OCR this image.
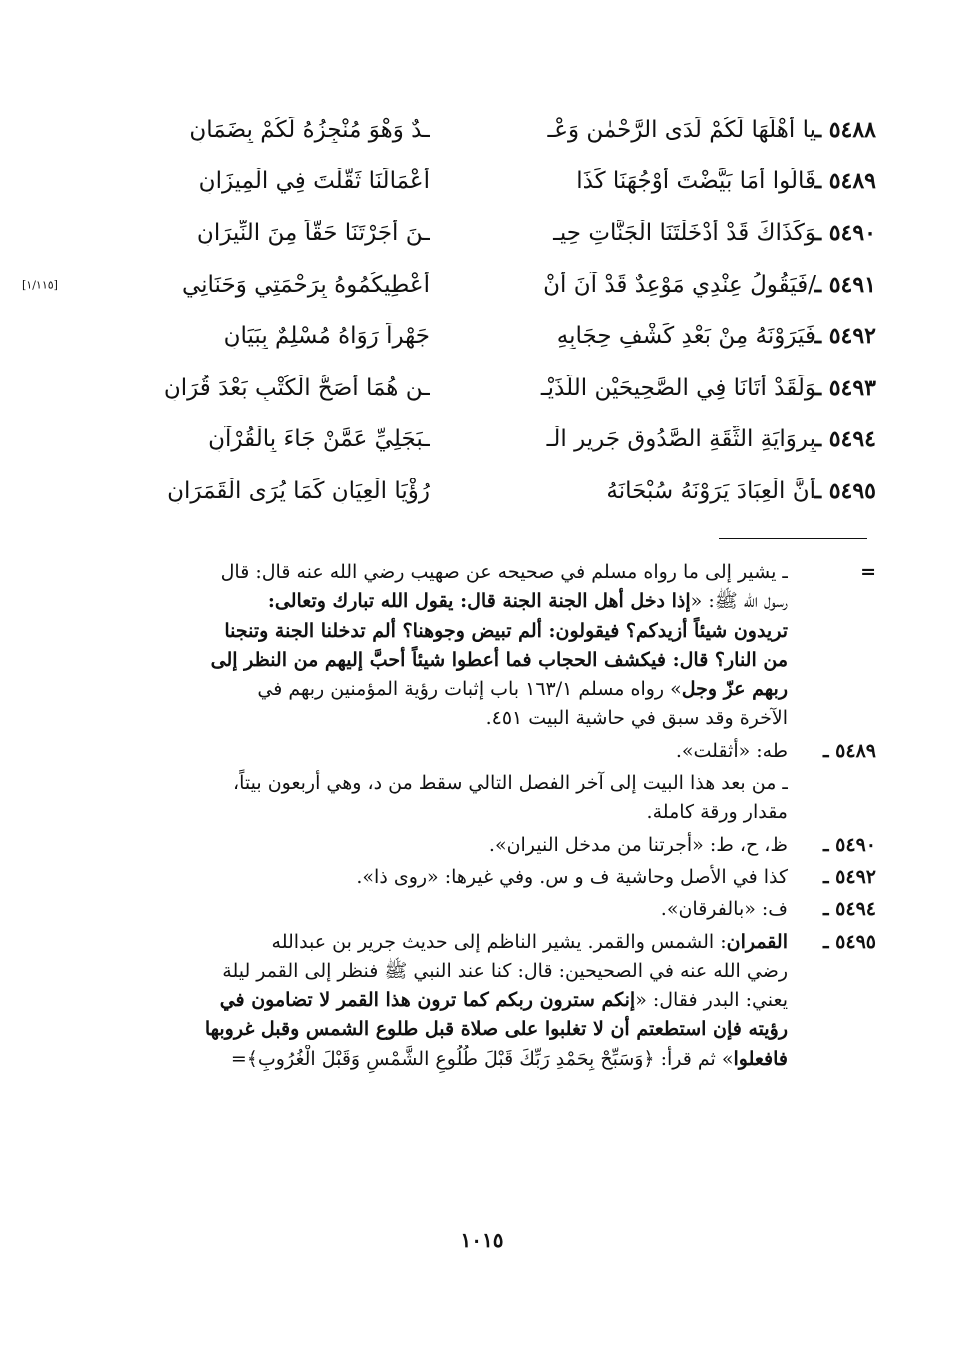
٥٤٨٨ ـ
يا أَهْلَهَا لَكُمْ لَدَى الرَّحْمٰنِ وَعْـ
ـدٌ وَهْوَ مُنْجِزُهُ لَكُمْ بِضَمَانِ
٥٤٨٩ ـ
قَالُوا أَمَا بَيَّضْتَ أَوْجُهَنَا كَذَا
أَعْمَالَنَا ثَقَّلْتَ فِي الْمِيزَانِ
٥٤٩٠ ـ
وَكَذَاكَ قَدْ أَدْخَلْتَنَا الْجَنَّاتِ حِيـ
ـنَ أَجَرْتَنَا حَقّاً مِنَ النِّيرَانِ
٥٤٩١ ـ
/فَيَقُولُ عِنْدِي مَوْعِدٌ قَدْ آنَ أَنْ
أُعْطِيكُمُوهُ بِرَحْمَتِي وَحَنَانِي
[١/١١٥]
٥٤٩٢ ـ
فَيَرَوْنَهُ مِنْ بَعْدِ كَشْفِ حِجَابِهِ
جَهْراً رَوَاهُ مُسْلِمٌ بِبَيَانِ
٥٤٩٣ ـ
وَلَقَدْ أَتَانَا فِي الصَّحِيحَيْنِ اللَّذَيْـ
ـنِ هُمَا أَصَحُّ الْكُتْبِ بَعْدَ قُرَانِ
٥٤٩٤ ـ
بِرِوَايَةِ الثِّقَةِ الصَّدُوقِ جَرِيرِ الْـ
ـبَجَلِيِّ عَمَّنْ جَاءَ بِالْقُرْآنِ
٥٤٩٥ ـ
أَنَّ الْعِبَادَ يَرَوْنَهُ سُبْحَانَهُ
رُؤْيَا الْعِيَانِ كَمَا يُرَى الْقَمَرَانِ
=
ـ يشير إلى ما رواه مسلم في صحيحه عن صهيب رضي الله عنه قال: قال
رسول الله ﷺ: «إذا دخل أهل الجنة الجنة قال: يقول الله تبارك وتعالى:
تريدون شيئاً أزيدكم؟ فيقولون: ألم تبيض وجوهنا؟ ألم تدخلنا الجنة وتنجنا
من النار؟ قال: فيكشف الحجاب فما أعطوا شيئاً أحبَّ إليهم من النظر إلى
ربهم عزّ وجل» رواه مسلم ١٦٣/١ باب إثبات رؤية المؤمنين ربهم في
الآخرة وقد سبق في حاشية البيت ٤٥١.
٥٤٨٩ ـ
طه: «أثقلت».
ـ من بعد هذا البيت إلى آخر الفصل التالي سقط من د، وهي أربعون بيتاً،
مقدار ورقة كاملة.
٥٤٩٠ ـ
ظ، ح، ط: «أجرتنا من مدخل النيران».
٥٤٩٢ ـ
كذا في الأصل وحاشية ف و س. وفي غيرها: «روى ذا».
٥٤٩٤ ـ
ف: «بالفرقان».
٥٤٩٥ ـ
القمران: الشمس والقمر. يشير الناظم إلى حديث جرير بن عبدالله
رضي الله عنه في الصحيحين: قال: كنا عند النبي ﷺ فنظر إلى القمر ليلة
يعني: البدر فقال: «إنكم سترون ربكم كما ترون هذا القمر لا تضامون في
رؤيته فإن استطعتم أن لا تغلبوا على صلاة قبل طلوع الشمس وقبل غروبها
فافعلوا» ثم قرأ: ﴿وَسَبِّحْ بِحَمْدِ رَبِّكَ قَبْلَ طُلُوعِ الشَّمْسِ وَقَبْلَ الْغُرُوبِ﴾=
١٠١٥
